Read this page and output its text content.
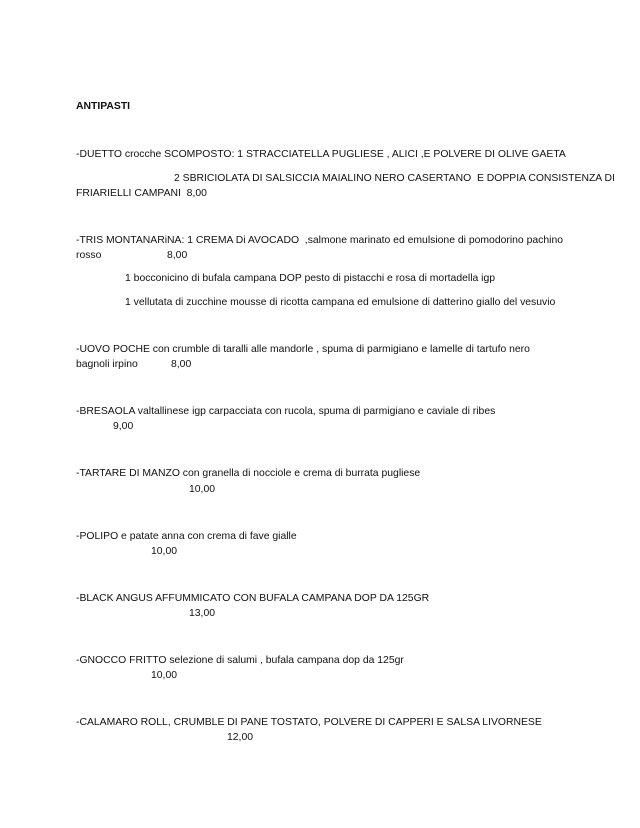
ANTIPASTI
-DUETTO crocche SCOMPOSTO: 1 STRACCIATELLA PUGLIESE , ALICI ,E POLVERE DI OLIVE GAETA
2 SBRICIOLATA DI SALSICCIA MAIALINO NERO CASERTANO  E DOPPIA CONSISTENZA DI
FRIARIELLI CAMPANI  8,00
-TRIS MONTANARiNA: 1 CREMA Di AVOCADO  ,salmone marinato ed emulsione di pomodorino pachino
rosso	8,00
1 bocconicino di bufala campana DOP pesto di pistacchi e rosa di mortadella igp
1 vellutata di zucchine mousse di ricotta campana ed emulsione di datterino giallo del vesuvio
-UOVO POCHE con crumble di taralli alle mandorle , spuma di parmigiano e lamelle di tartufo nero
bagnoli irpino	8,00
-BRESAOLA valtallinese igp carpacciata con rucola, spuma di parmigiano e caviale di ribes
9,00
-TARTARE DI MANZO con granella di nocciole e crema di burrata pugliese
10,00
-POLIPO e patate anna con crema di fave gialle
10,00
-BLACK ANGUS AFFUMMICATO CON BUFALA CAMPANA DOP DA 125GR
13,00
-GNOCCO FRITTO selezione di salumi , bufala campana dop da 125gr
10,00
-CALAMARO ROLL, CRUMBLE DI PANE TOSTATO, POLVERE DI CAPPERI E SALSA LIVORNESE
12,00
